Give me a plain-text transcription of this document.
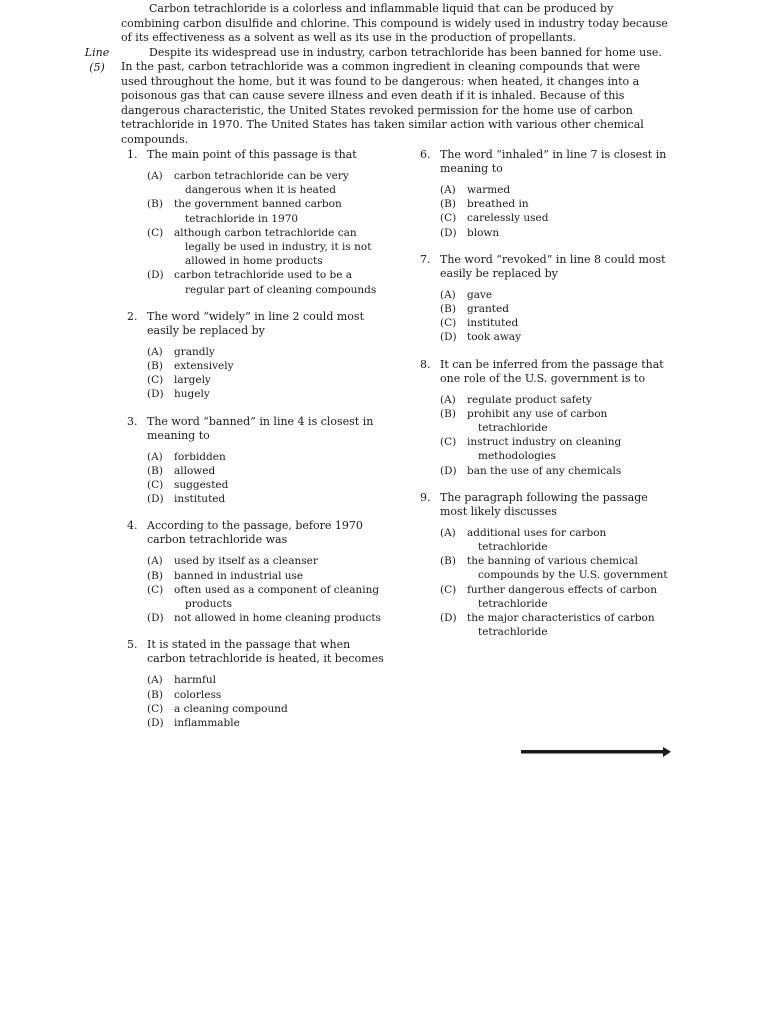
Line
(5)

Carbon tetrachloride is a colorless and inflammable liquid that can be produced by combining carbon disulfide and chlorine. This compound is widely used in industry today because of its effectiveness as a solvent as well as its use in the production of propellants.

Despite its widespread use in industry, carbon tetrachloride has been banned for home use. In the past, carbon tetrachloride was a common ingredient in cleaning compounds that were used throughout the home, but it was found to be dangerous: when heated, it changes into a poisonous gas that can cause severe illness and even death if it is inhaled. Because of this dangerous characteristic, the United States revoked permission for the home use of carbon tetrachloride in 1970. The United States has taken similar action with various other chemical compounds.

1. The main point of this passage is that
(A)	carbon tetrachloride can be very dangerous when it is heated
(B)	the government banned carbon tetrachloride in 1970
(C)	although carbon tetrachloride can legally be used in industry, it is not allowed in home products
(D) carbon tetrachloride used to be a regular part of cleaning compounds
2. The word “widely” in line 2 could most easily be replaced by
(A)	grandly
(B)	extensively
(C)	largely
(D) hugely
3. The word “banned” in line 4 is closest in meaning to
(A)	forbidden
(B)	allowed
(C)	suggested
(D) instituted
4. According to the passage, before 1970 carbon tetrachloride was
(A)	used by itself as a cleanser
(B)	banned in industrial use
(C)	often used as a component of cleaning products
(D) not allowed in home cleaning products
5. It is stated in the passage that when carbon tetrachloride is heated, it becomes
(A)	harmful
(B)	colorless
(C)	a cleaning compound
(D) inflammable
6. The word “inhaled” in line 7 is closest in meaning to
(A)	warmed
(B)	breathed in
(C)	carelessly used
(D) blown
7. The word “revoked” in line 8 could most easily be replaced by
(A)	gave
(B)	granted
(C)	instituted
(D) took away
8. It can be inferred from the passage that one role of the U.S. government is to
(A)	regulate product safety
(B)	prohibit any use of carbon tetrachloride
(C)	instruct industry on cleaning methodologies
(D) ban the use of any chemicals
9. The paragraph following the passage most likely discusses
(A)	additional uses for carbon tetrachloride
(B)	the banning of various chemical compounds by the U.S. government
(C)	further dangerous effects of carbon tetrachloride
(D) the major characteristics of carbon tetrachloride
